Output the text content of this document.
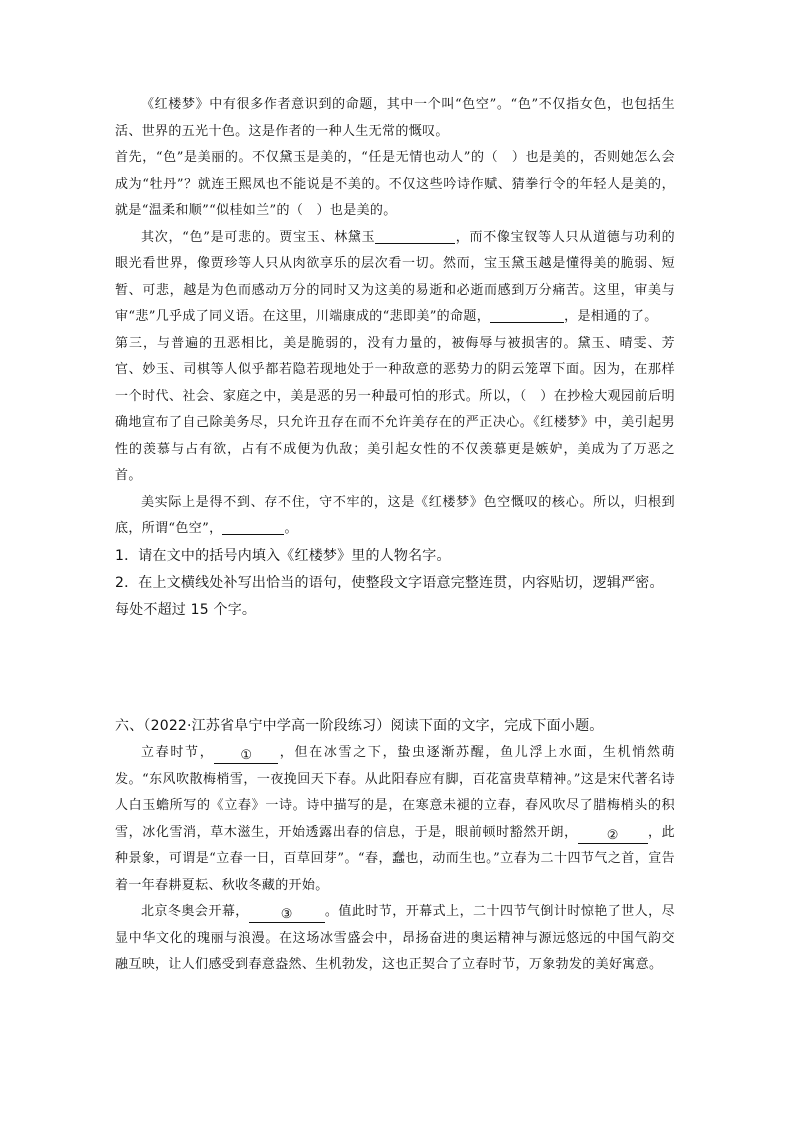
《红楼梦》中有很多作者意识到的命题，其中一个叫“色空”。“色”不仅指女色，也包括生活、世界的五光十色。这是作者的一种人生无常的慨叹。

首先，“色”是美丽的。不仅黛玉是美的，“任是无情也动人”的（　）也是美的，否则她怎么会成为“牡丹”？就连王熙凤也不能说是不美的。不仅这些吟诗作赋、猜拳行令的年轻人是美的，就是“温柔和顺”“似桂如兰”的（　）也是美的。

其次，“色”是可悲的。贾宝玉、林黛玉	，而不像宝钗等人只从道德与功利的眼光看世界，像贾珍等人只从肉欲享乐的层次看一切。然而，宝玉黛玉越是懂得美的脆弱、短暂、可悲，越是为色而感动万分的同时又为这美的易逝和必逝而感到万分痛苦。这里，审美与审“悲”几乎成了同义语。在这里，川端康成的“悲即美”的命题，	，是相通的了。

第三，与普遍的丑恶相比，美是脆弱的，没有力量的，被侮辱与被损害的。黛玉、晴雯、芳官、妙玉、司棋等人似乎都若隐若现地处于一种敌意的恶势力的阴云笼罩下面。因为，在那样一个时代、社会、家庭之中，美是恶的另一种最可怕的形式。所以，（　）在抄检大观园前后明确地宣布了自己除美务尽，只允许丑存在而不允许美存在的严正决心。《红楼梦》中，美引起男性的羡慕与占有欲，占有不成便为仇敌；美引起女性的不仅羡慕更是嫉妒，美成为了万恶之首。

美实际上是得不到、存不住，守不牢的，这是《红楼梦》色空慨叹的核心。所以，归根到底，所谓“色空”，	。

1．请在文中的括号内填入《红楼梦》里的人物名字。

2．在上文横线处补写出恰当的语句，使整段文字语意完整连贯，内容贴切，逻辑严密。每处不超过 15 个字。

六、（2022·江苏省阜宁中学高一阶段练习）阅读下面的文字，完成下面小题。

立春时节， ① ，但在冰雪之下，蛰虫逐渐苏醒，鱼儿浮上水面，生机悄然萌发。“东风吹散梅梢雪，一夜挽回天下春。从此阳春应有脚，百花富贵草精神。”这是宋代著名诗人白玉蟾所写的《立春》一诗。诗中描写的是，在寒意未褪的立春，春风吹尽了腊梅梢头的积雪，冰化雪消，草木滋生，开始透露出春的信息，于是，眼前顿时豁然开朗， ② ，此种景象，可谓是“立春一日，百草回芽”。“春，蠢也，动而生也。”立春为二十四节气之首，宣告着一年春耕夏耘、秋收冬藏的开始。

北京冬奥会开幕， ③ 。值此时节，开幕式上，二十四节气倒计时惊艳了世人，尽显中华文化的瑰丽与浪漫。在这场冰雪盛会中，昂扬奋进的奥运精神与源远悠远的中国气韵交融互映，让人们感受到春意盎然、生机勃发，这也正契合了立春时节，万象勃发的美好寓意。
